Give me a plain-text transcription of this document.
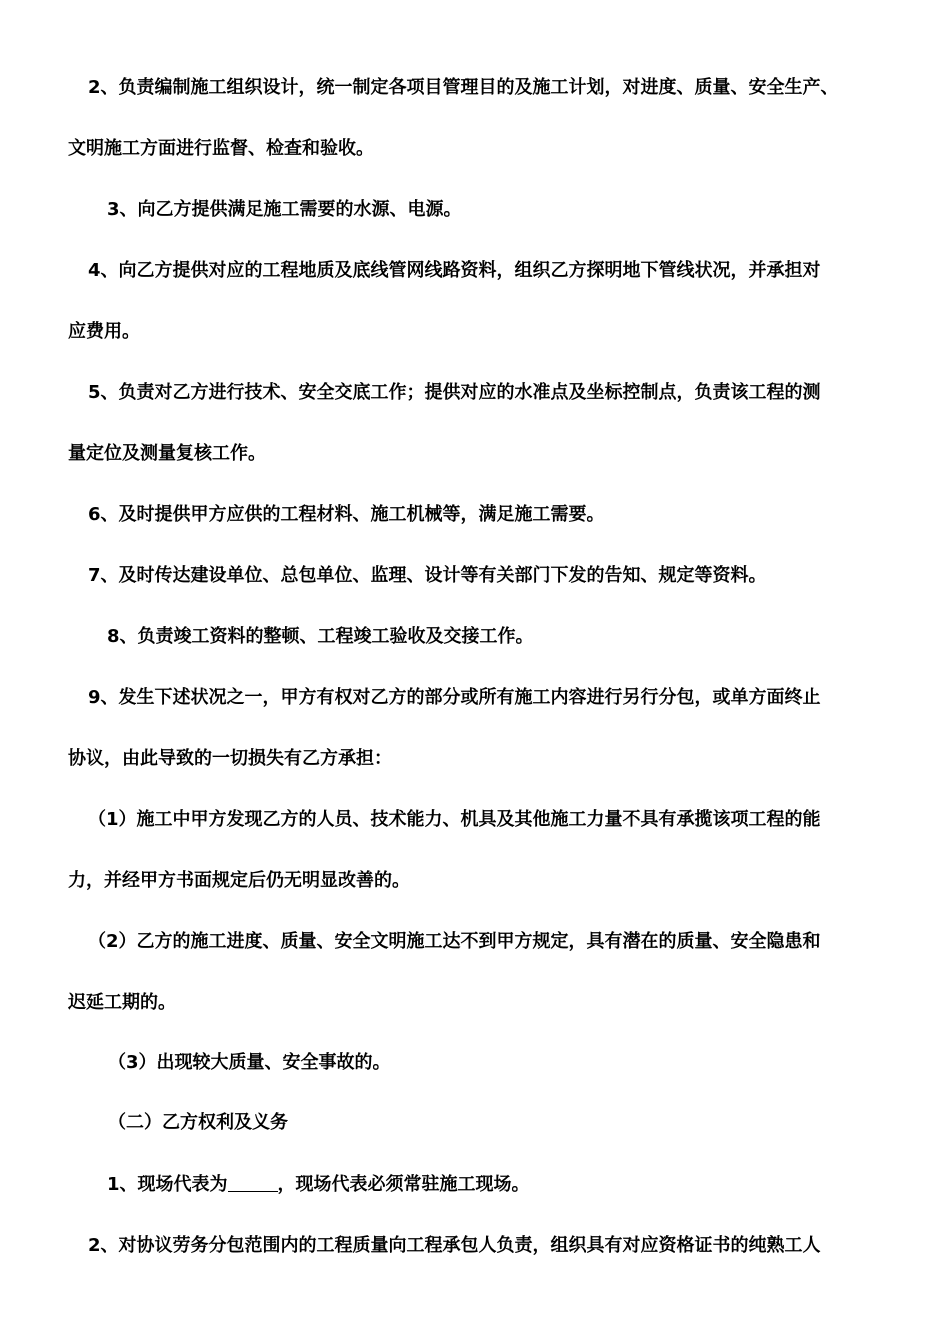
2、负责编制施工组织设计，统一制定各项目管理目的及施工计划，对进度、质量、安全生产、
文明施工方面进行监督、检查和验收。
3、向乙方提供满足施工需要的水源、电源。
4、向乙方提供对应的工程地质及底线管网线路资料，组织乙方探明地下管线状况，并承担对
应费用。
5、负责对乙方进行技术、安全交底工作；提供对应的水准点及坐标控制点，负责该工程的测
量定位及测量复核工作。
6、及时提供甲方应供的工程材料、施工机械等，满足施工需要。
7、及时传达建设单位、总包单位、监理、设计等有关部门下发的告知、规定等资料。
8、负责竣工资料的整顿、工程竣工验收及交接工作。
9、发生下述状况之一，甲方有权对乙方的部分或所有施工内容进行另行分包，或单方面终止
协议，由此导致的一切损失有乙方承担：
（1）施工中甲方发现乙方的人员、技术能力、机具及其他施工力量不具有承揽该项工程的能
力，并经甲方书面规定后仍无明显改善的。
（2）乙方的施工进度、质量、安全文明施工达不到甲方规定，具有潜在的质量、安全隐患和
迟延工期的。
（3）出现较大质量、安全事故的。
（二）乙方权利及义务
1、现场代表为	，现场代表必须常驻施工现场。
2、对协议劳务分包范围内的工程质量向工程承包人负责，组织具有对应资格证书的纯熟工人
